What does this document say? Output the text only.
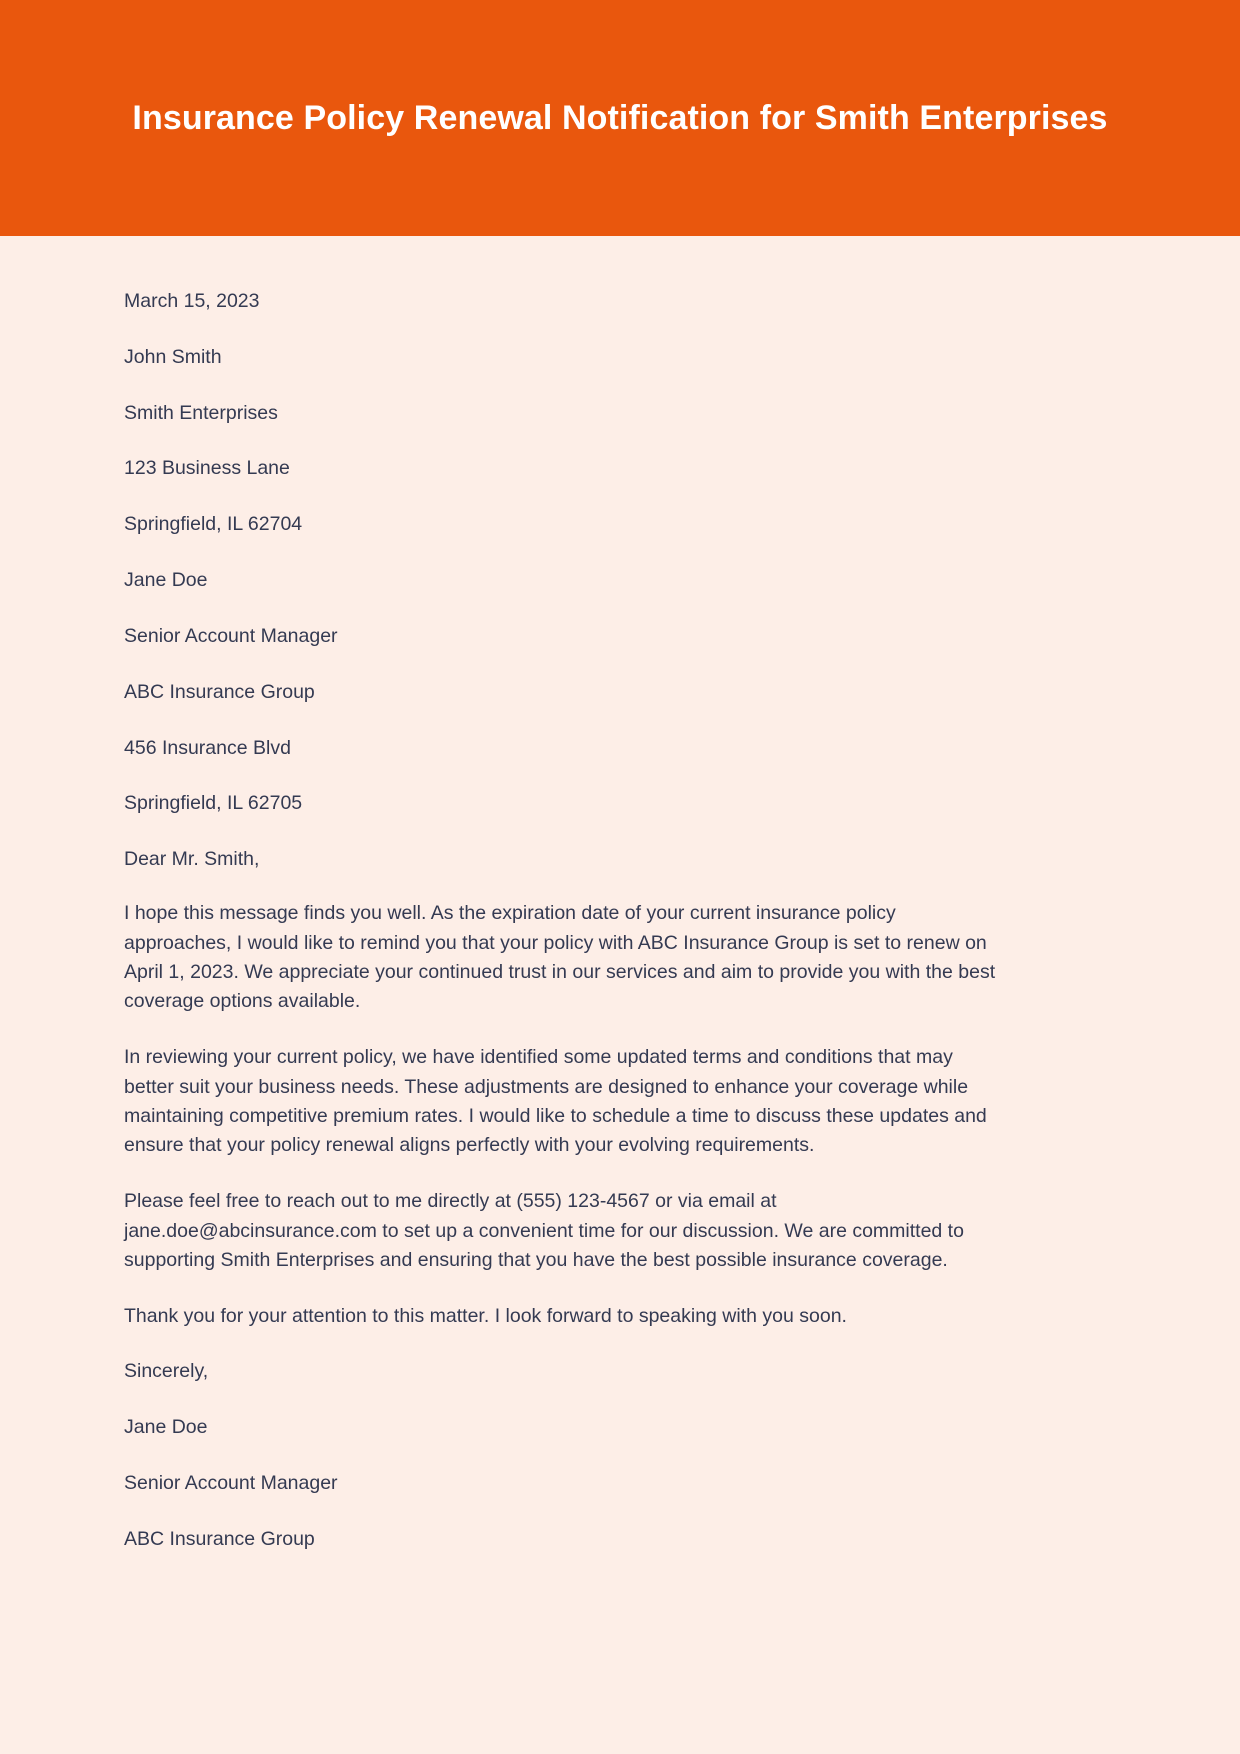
Insurance Policy Renewal Notification for Smith Enterprises

March 15, 2023

John Smith

Smith Enterprises

123 Business Lane

Springfield, IL 62704

Jane Doe

Senior Account Manager

ABC Insurance Group

456 Insurance Blvd

Springfield, IL 62705

Dear Mr. Smith,

I hope this message finds you well. As the expiration date of your current insurance policy approaches, I would like to remind you that your policy with ABC Insurance Group is set to renew on April 1, 2023. We appreciate your continued trust in our services and aim to provide you with the best coverage options available.

In reviewing your current policy, we have identified some updated terms and conditions that may better suit your business needs. These adjustments are designed to enhance your coverage while maintaining competitive premium rates. I would like to schedule a time to discuss these updates and ensure that your policy renewal aligns perfectly with your evolving requirements.

Please feel free to reach out to me directly at (555) 123-4567 or via email at jane.doe@abcinsurance.com to set up a convenient time for our discussion. We are committed to supporting Smith Enterprises and ensuring that you have the best possible insurance coverage.

Thank you for your attention to this matter. I look forward to speaking with you soon.

Sincerely,

Jane Doe

Senior Account Manager

ABC Insurance Group
